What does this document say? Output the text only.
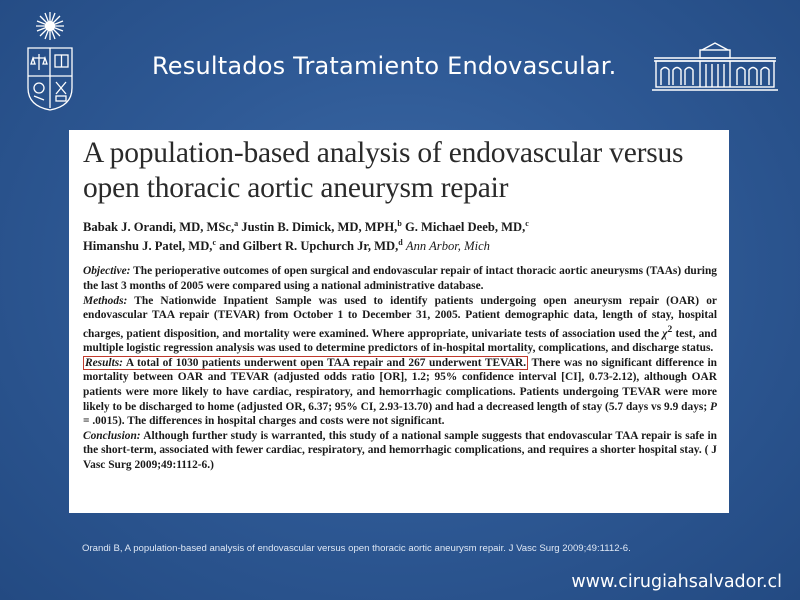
Resultados Tratamiento Endovascular.
A population-based analysis of endovascular versus open thoracic aortic aneurysm repair
Babak J. Orandi, MD, MSc,$^a$ Justin B. Dimick, MD, MPH,$^b$ G. Michael Deeb, MD,$^c$
Himanshu J. Patel, MD,$^c$ and Gilbert R. Upchurch Jr, MD,$^d$ Ann Arbor, Mich

Objective: The perioperative outcomes of open surgical and endovascular repair of intact thoracic aortic aneurysms (TAAs) during the last 3 months of 2005 were compared using a national administrative database.

Methods: The Nationwide Inpatient Sample was used to identify patients undergoing open aneurysm repair (OAR) or endovascular TAA repair (TEVAR) from October 1 to December 31, 2005. Patient demographic data, length of stay, hospital charges, patient disposition, and mortality were examined. Where appropriate, univariate tests of association used the $\chi^2$ test, and multiple logistic regression analysis was used to determine predictors of in-hospital mortality, complications, and discharge status.

Results: A total of 1030 patients underwent open TAA repair and 267 underwent TEVAR. There was no significant difference in mortality between OAR and TEVAR (adjusted odds ratio [OR], 1.2; 95% confidence interval [CI], 0.73-2.12), although OAR patients were more likely to have cardiac, respiratory, and hemorrhagic complications. Patients undergoing TEVAR were more likely to be discharged to home (adjusted OR, 6.37; 95% CI, 2.93-13.70) and had a decreased length of stay (5.7 days vs 9.9 days; P = .0015). The differences in hospital charges and costs were not significant.

Conclusion: Although further study is warranted, this study of a national sample suggests that endovascular TAA repair is safe in the short-term, associated with fewer cardiac, respiratory, and hemorrhagic complications, and requires a shorter hospital stay. ( J Vasc Surg 2009;49:1112-6.)

Orandi B, A population-based analysis of endovascular versus open thoracic aortic aneurysm repair. J Vasc Surg 2009;49:1112-6.

www.cirugiahsalvador.cl
